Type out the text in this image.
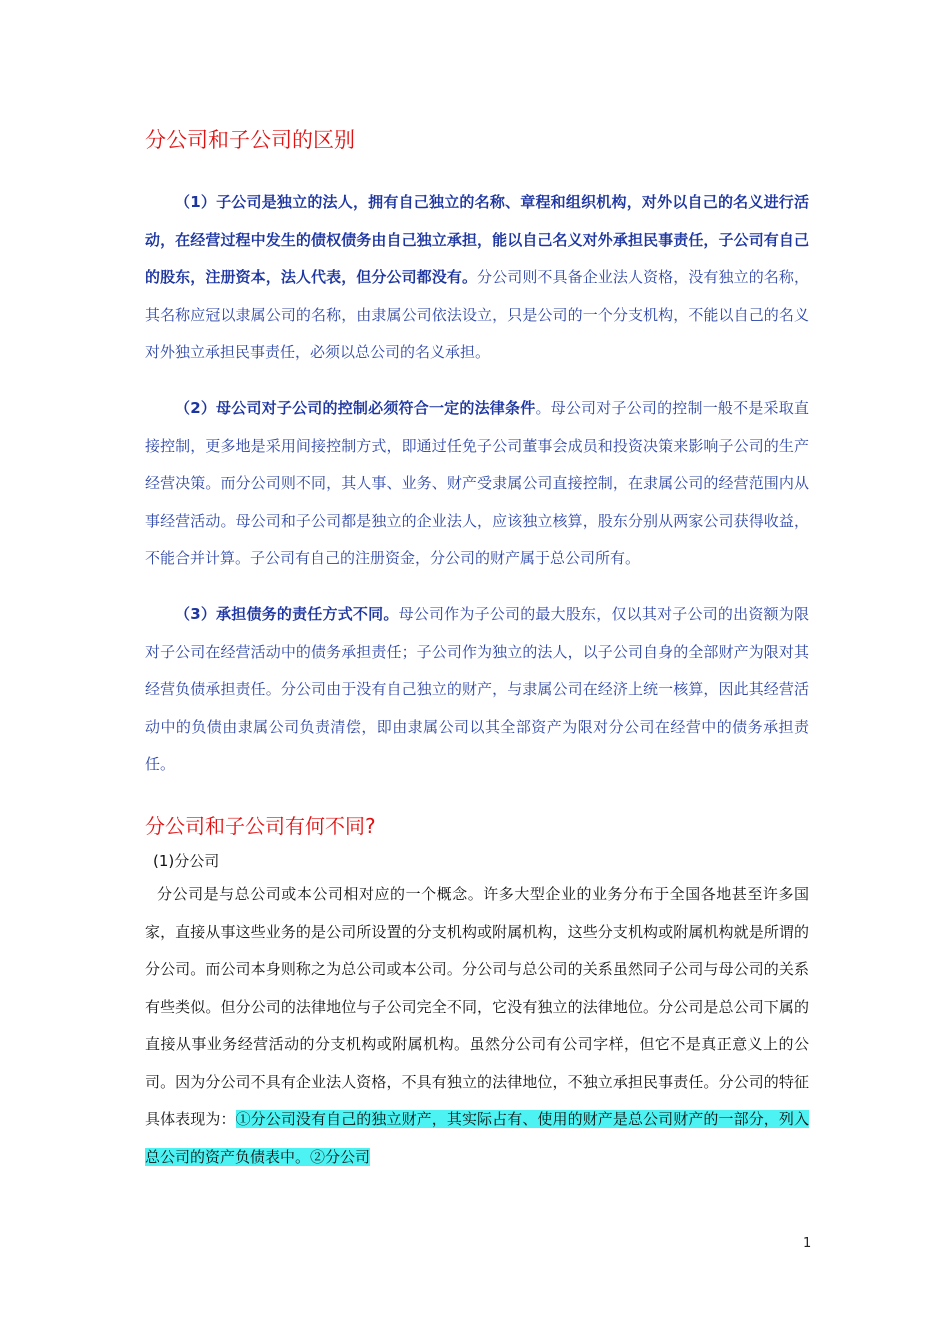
分公司和子公司的区别

（1）子公司是独立的法人，拥有自己独立的名称、章程和组织机构，对外以自己的名义进行活动，在经营过程中发生的债权债务由自己独立承担，能以自己名义对外承担民事责任，子公司有自己的股东，注册资本，法人代表，但分公司都没有。分公司则不具备企业法人资格，没有独立的名称，其名称应冠以隶属公司的名称，由隶属公司依法设立，只是公司的一个分支机构，不能以自己的名义对外独立承担民事责任，必须以总公司的名义承担。

（2）母公司对子公司的控制必须符合一定的法律条件。母公司对子公司的控制一般不是采取直接控制，更多地是采用间接控制方式，即通过任免子公司董事会成员和投资决策来影响子公司的生产经营决策。而分公司则不同，其人事、业务、财产受隶属公司直接控制，在隶属公司的经营范围内从事经营活动。母公司和子公司都是独立的企业法人，应该独立核算，股东分别从两家公司获得收益，不能合并计算。子公司有自己的注册资金，分公司的财产属于总公司所有。

（3）承担债务的责任方式不同。母公司作为子公司的最大股东，仅以其对子公司的出资额为限对子公司在经营活动中的债务承担责任；子公司作为独立的法人，以子公司自身的全部财产为限对其经营负债承担责任。分公司由于没有自己独立的财产，与隶属公司在经济上统一核算，因此其经营活动中的负债由隶属公司负责清偿，即由隶属公司以其全部资产为限对分公司在经营中的债务承担责任。

分公司和子公司有何不同?

(1)分公司

分公司是与总公司或本公司相对应的一个概念。许多大型企业的业务分布于全国各地甚至许多国家，直接从事这些业务的是公司所设置的分支机构或附属机构，这些分支机构或附属机构就是所谓的分公司。而公司本身则称之为总公司或本公司。分公司与总公司的关系虽然同子公司与母公司的关系有些类似。但分公司的法律地位与子公司完全不同，它没有独立的法律地位。分公司是总公司下属的直接从事业务经营活动的分支机构或附属机构。虽然分公司有公司字样，但它不是真正意义上的公司。因为分公司不具有企业法人资格，不具有独立的法律地位，不独立承担民事责任。分公司的特征具体表现为：①分公司没有自己的独立财产，其实际占有、使用的财产是总公司财产的一部分，列入总公司的资产负债表中。②分公司

1
